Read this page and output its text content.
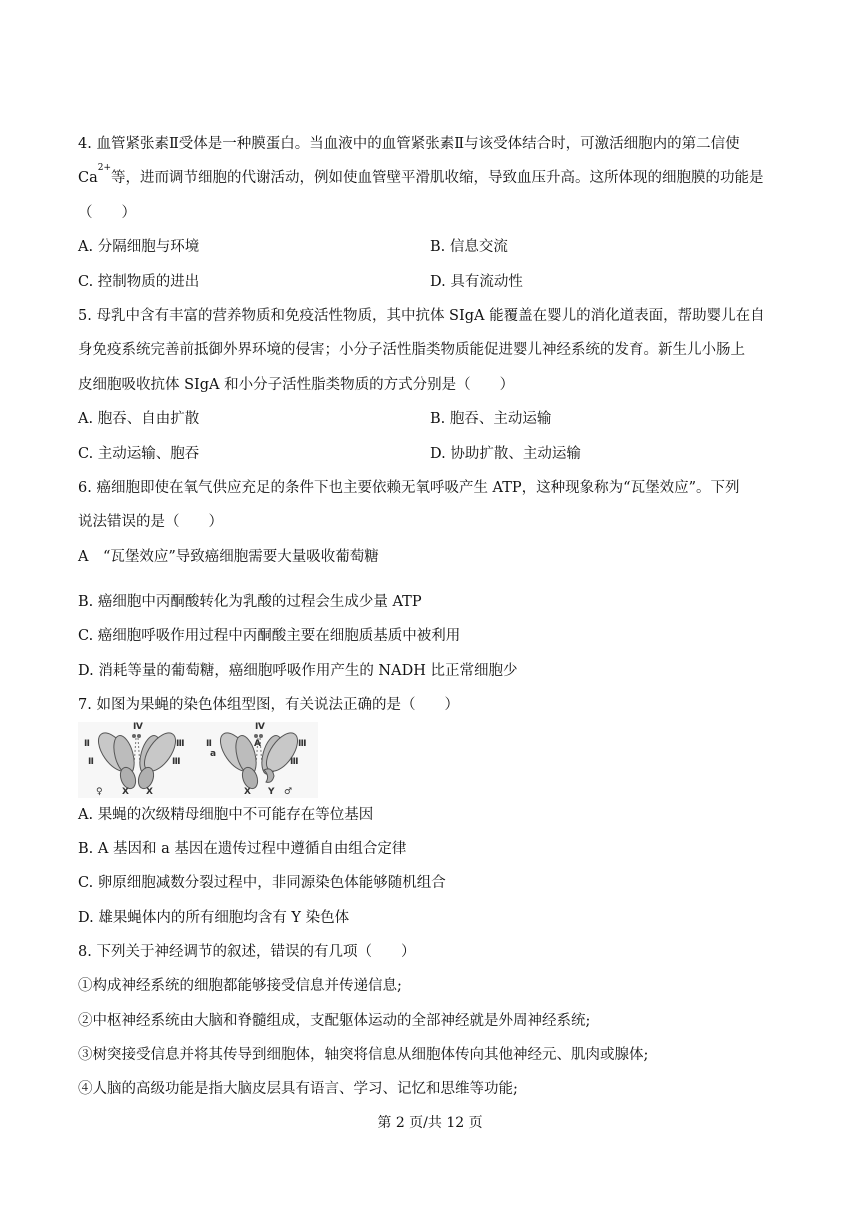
4. 血管紧张素Ⅱ受体是一种膜蛋白。当血液中的血管紧张素Ⅱ与该受体结合时，可激活细胞内的第二信使
$Ca^{2+}$等，进而调节细胞的代谢活动，例如使血管壁平滑肌收缩，导致血压升高。这所体现的细胞膜的功能是
（　　）
A. 分隔细胞与环境	B. 信息交流
C. 控制物质的进出	D. 具有流动性
5. 母乳中含有丰富的营养物质和免疫活性物质，其中抗体 SIgA 能覆盖在婴儿的消化道表面，帮助婴儿在自
身免疫系统完善前抵御外界环境的侵害；小分子活性脂类物质能促进婴儿神经系统的发育。新生儿小肠上
皮细胞吸收抗体 SIgA 和小分子活性脂类物质的方式分别是（　　）
A. 胞吞、自由扩散	B. 胞吞、主动运输
C. 主动运输、胞吞	D. 协助扩散、主动运输
6. 癌细胞即使在氧气供应充足的条件下也主要依赖无氧呼吸产生 ATP，这种现象称为“瓦堡效应”。下列
说法错误的是（　　）
A　“瓦堡效应”导致癌细胞需要大量吸收葡萄糖
B. 癌细胞中丙酮酸转化为乳酸的过程会生成少量 ATP
C. 癌细胞呼吸作用过程中丙酮酸主要在细胞质基质中被利用
D. 消耗等量的葡萄糖，癌细胞呼吸作用产生的 NADH 比正常细胞少
7. 如图为果蝇的染色体组型图，有关说法正确的是（　　）
Ⅳ
Ⅱ	Ⅲ
Ⅱ	Ⅲ
♀ X X
Ⅳ
Ⅱ
a
A	Ⅲ
Ⅲ
X Y ♂
A. 果蝇的次级精母细胞中不可能存在等位基因
B. A 基因和 a 基因在遗传过程中遵循自由组合定律
C. 卵原细胞减数分裂过程中，非同源染色体能够随机组合
D. 雄果蝇体内的所有细胞均含有 Y 染色体
8. 下列关于神经调节的叙述，错误的有几项（　　）
①构成神经系统的细胞都能够接受信息并传递信息;
②中枢神经系统由大脑和脊髓组成，支配躯体运动的全部神经就是外周神经系统;
③树突接受信息并将其传导到细胞体，轴突将信息从细胞体传向其他神经元、肌肉或腺体;
④人脑的高级功能是指大脑皮层具有语言、学习、记忆和思维等功能;
第 2 页/共 12 页
